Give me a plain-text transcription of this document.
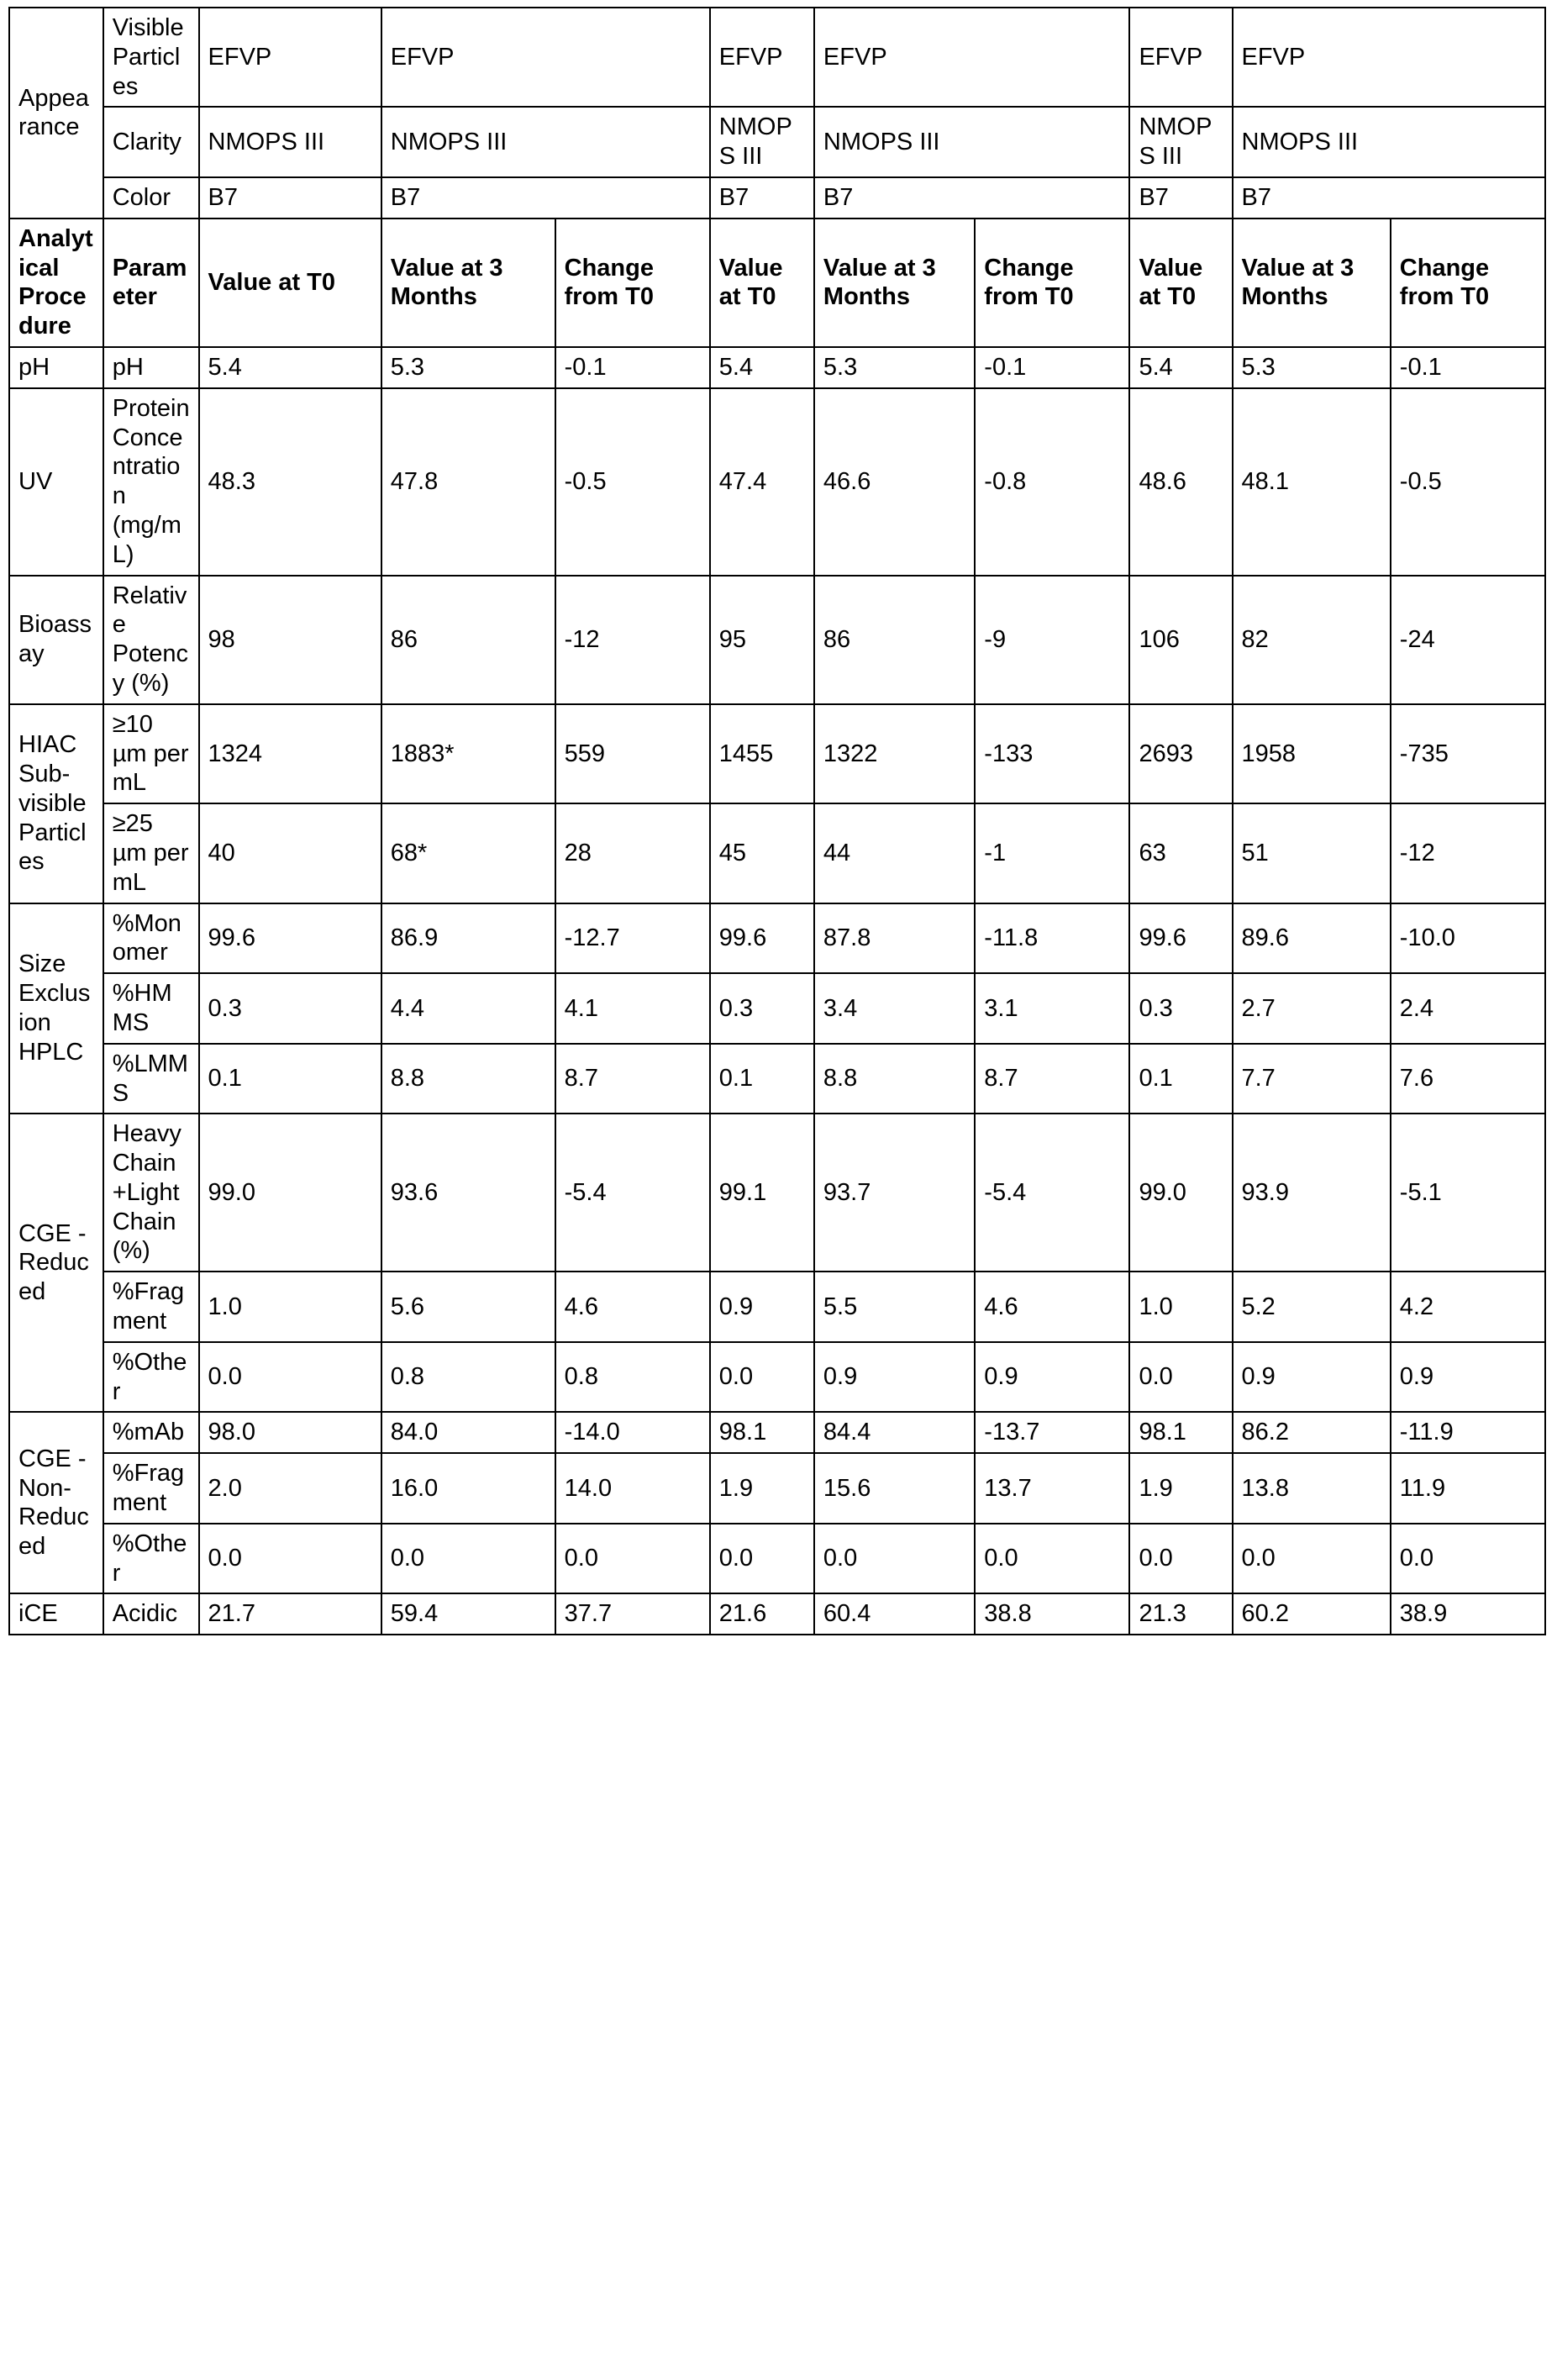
Appearance	Visible Particles	EFVP	EFVP		EFVP	EFVP		EFVP	EFVP	
	Clarity	NMOPS III	NMOPS III		NMOPS III	NMOPS III		NMOPS III	NMOPS III	
	Color	B7	B7		B7	B7		B7	B7	
Analytical Procedure	Parameter	Value at T0	Value at 3 Months	Change from T0	Value at T0	Value at 3 Months	Change from T0	Value at T0	Value at 3 Months	Change from T0
pH	pH	5.4	5.3	-0.1	5.4	5.3	-0.1	5.4	5.3	-0.1
UV	Protein Concentration (mg/mL)	48.3	47.8	-0.5	47.4	46.6	-0.8	48.6	48.1	-0.5
Bioassay	Relative Potency (%)	98	86	-12	95	86	-9	106	82	-24
HIAC Sub-visible Particles	≥10 µm per mL	1324	1883*	559	1455	1322	-133	2693	1958	-735
	≥25 µm per mL	40	68*	28	45	44	-1	63	51	-12
Size Exclusion HPLC	%Monomer	99.6	86.9	-12.7	99.6	87.8	-11.8	99.6	89.6	-10.0
	%HMMS	0.3	4.4	4.1	0.3	3.4	3.1	0.3	2.7	2.4
	%LMMS	0.1	8.8	8.7	0.1	8.8	8.7	0.1	7.7	7.6
CGE - Reduced	Heavy Chain +Light Chain (%)	99.0	93.6	-5.4	99.1	93.7	-5.4	99.0	93.9	-5.1
	%Fragment	1.0	5.6	4.6	0.9	5.5	4.6	1.0	5.2	4.2
	%Other	0.0	0.8	0.8	0.0	0.9	0.9	0.0	0.9	0.9
CGE - Non-Reduced	%mAb	98.0	84.0	-14.0	98.1	84.4	-13.7	98.1	86.2	-11.9
	%Fragment	2.0	16.0	14.0	1.9	15.6	13.7	1.9	13.8	11.9
	%Other	0.0	0.0	0.0	0.0	0.0	0.0	0.0	0.0	0.0
iCE	Acidic	21.7	59.4	37.7	21.6	60.4	38.8	21.3	60.2	38.9
